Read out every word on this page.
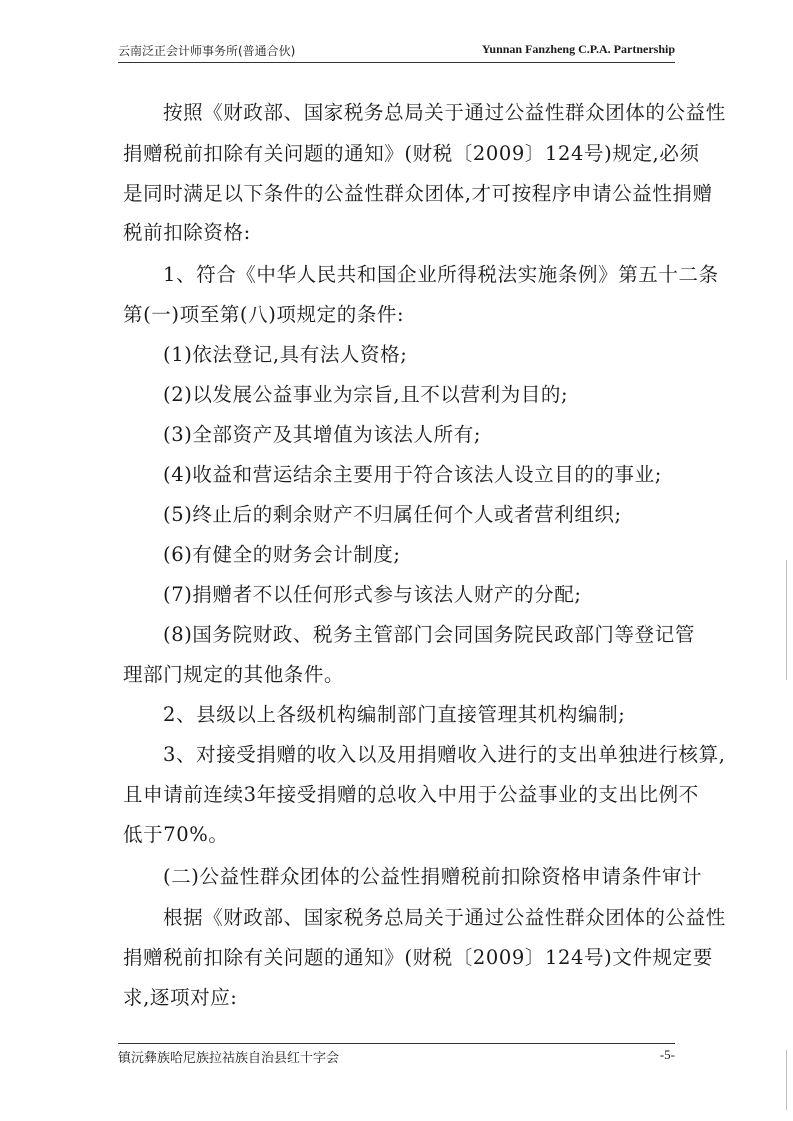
云南泛正会计师事务所(普通合伙)	Yunnan Fanzheng C.P.A. Partnership
按照《财政部、国家税务总局关于通过公益性群众团体的公益性
捐赠税前扣除有关问题的通知》(财税〔2009〕124号)规定,必须
是同时满足以下条件的公益性群众团体,才可按程序申请公益性捐赠
税前扣除资格:
1、符合《中华人民共和国企业所得税法实施条例》第五十二条
第(一)项至第(八)项规定的条件:
(1)依法登记,具有法人资格;
(2)以发展公益事业为宗旨,且不以营利为目的;
(3)全部资产及其增值为该法人所有;
(4)收益和营运结余主要用于符合该法人设立目的的事业;
(5)终止后的剩余财产不归属任何个人或者营利组织;
(6)有健全的财务会计制度;
(7)捐赠者不以任何形式参与该法人财产的分配;
(8)国务院财政、税务主管部门会同国务院民政部门等登记管
理部门规定的其他条件。
2、县级以上各级机构编制部门直接管理其机构编制;
3、对接受捐赠的收入以及用捐赠收入进行的支出单独进行核算,
且申请前连续3年接受捐赠的总收入中用于公益事业的支出比例不
低于70%。
(二)公益性群众团体的公益性捐赠税前扣除资格申请条件审计
根据《财政部、国家税务总局关于通过公益性群众团体的公益性
捐赠税前扣除有关问题的通知》(财税〔2009〕124号)文件规定要
求,逐项对应:
镇沅彝族哈尼族拉祜族自治县红十字会	-5-
